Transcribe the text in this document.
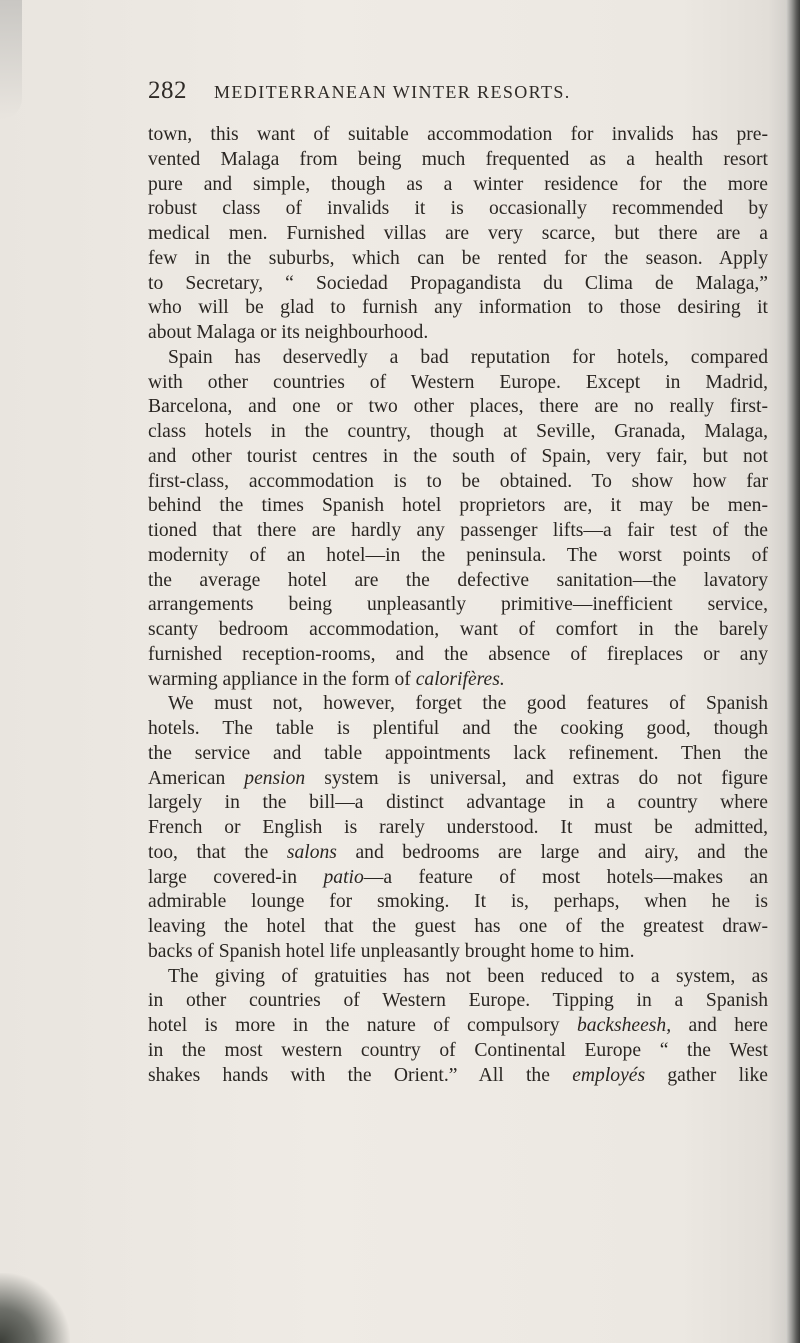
282 MEDITERRANEAN WINTER RESORTS.
town, this want of suitable accommodation for invalids has pre-
vented Malaga from being much frequented as a health resort
pure and simple, though as a winter residence for the more
robust class of invalids it is occasionally recommended by
medical men. Furnished villas are very scarce, but there are a
few in the suburbs, which can be rented for the season. Apply
to Secretary, “ Sociedad Propagandista du Clima de Malaga,”
who will be glad to furnish any information to those desiring it
about Malaga or its neighbourhood.
Spain has deservedly a bad reputation for hotels, compared
with other countries of Western Europe. Except in Madrid,
Barcelona, and one or two other places, there are no really first-
class hotels in the country, though at Seville, Granada, Malaga,
and other tourist centres in the south of Spain, very fair, but not
first-class, accommodation is to be obtained. To show how far
behind the times Spanish hotel proprietors are, it may be men-
tioned that there are hardly any passenger lifts—a fair test of the
modernity of an hotel—in the peninsula. The worst points of
the average hotel are the defective sanitation—the lavatory
arrangements being unpleasantly primitive—inefficient service,
scanty bedroom accommodation, want of comfort in the barely
furnished reception-rooms, and the absence of fireplaces or any
warming appliance in the form of calorifères.
We must not, however, forget the good features of Spanish
hotels. The table is plentiful and the cooking good, though
the service and table appointments lack refinement. Then the
American pension system is universal, and extras do not figure
largely in the bill—a distinct advantage in a country where
French or English is rarely understood. It must be admitted,
too, that the salons and bedrooms are large and airy, and the
large covered-in patio—a feature of most hotels—makes an
admirable lounge for smoking. It is, perhaps, when he is
leaving the hotel that the guest has one of the greatest draw-
backs of Spanish hotel life unpleasantly brought home to him.
The giving of gratuities has not been reduced to a system, as
in other countries of Western Europe. Tipping in a Spanish
hotel is more in the nature of compulsory backsheesh, and here
in the most western country of Continental Europe “ the West
shakes hands with the Orient.” All the employés gather like
